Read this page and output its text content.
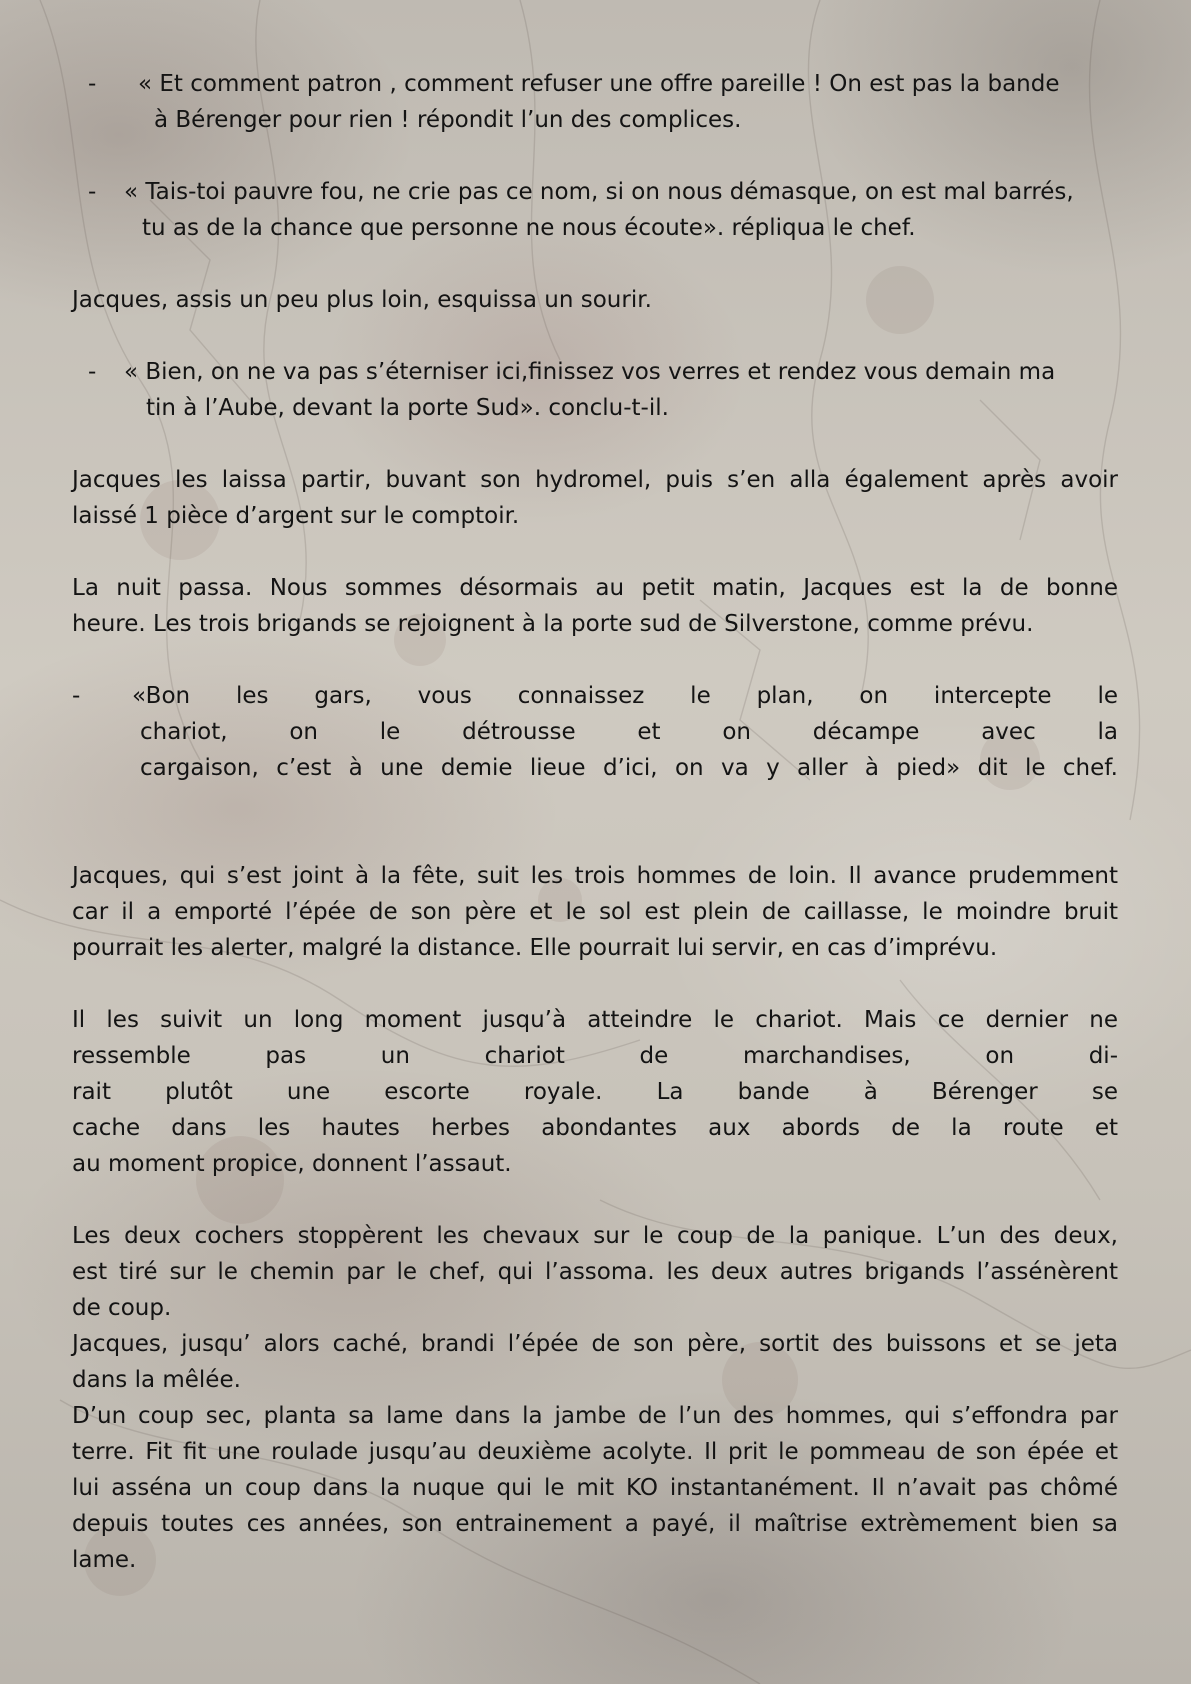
- « Et comment patron , comment refuser une offre pareille ! On est pas la bande
à Bérenger pour rien ! répondit l’un des complices.
- « Tais-toi pauvre fou, ne crie pas ce nom, si on nous démasque, on est mal barrés,
tu as de la chance que personne ne nous écoute». répliqua le chef.

Jacques, assis un peu plus loin, esquissa un sourir.

- « Bien, on ne va pas s’éterniser ici,finissez vos verres et rendez vous demain ma
tin à l’Aube, devant la porte Sud». conclu-t-il.
Jacques les laissa partir, buvant son hydromel, puis s’en alla également après avoir
laissé 1 pièce d’argent sur le comptoir.
La nuit passa. Nous sommes désormais au petit matin, Jacques est la de bonne
heure. Les trois brigands se rejoignent à la porte sud de Silverstone, comme prévu.
- «Bon les gars, vous connaissez le plan, on intercepte le
chariot, on le détrousse et on décampe avec la
cargaison, c’est à une demie lieue d’ici, on va y aller à pied» dit le chef.
Jacques, qui s’est joint à la fête, suit les trois hommes de loin. Il avance prudemment
car il a emporté l’épée de son père et le sol est plein de caillasse, le moindre bruit
pourrait les alerter, malgré la distance. Elle pourrait lui servir, en cas d’imprévu.
Il les suivit un long moment jusqu’à atteindre le chariot. Mais ce dernier ne
ressemble pas un chariot de marchandises, on di-
rait plutôt une escorte royale. La bande à Bérenger se
cache dans les hautes herbes abondantes aux abords de la route et
au moment propice, donnent l’assaut.
Les deux cochers stoppèrent les chevaux sur le coup de la panique. L’un des deux,
est tiré sur le chemin par le chef, qui l’assoma. les deux autres brigands l’assénèrent
de coup.
Jacques, jusqu’ alors caché, brandi l’épée de son père, sortit des buissons et se jeta
dans la mêlée.
D’un coup sec, planta sa lame dans la jambe de l’un des hommes, qui s’effondra par
terre. Fit fit une roulade jusqu’au deuxième acolyte. Il prit le pommeau de son épée et
lui asséna un coup dans la nuque qui le mit KO instantanément. Il n’avait pas chômé
depuis toutes ces années, son entrainement a payé, il maîtrise extrèmement bien sa
lame.
